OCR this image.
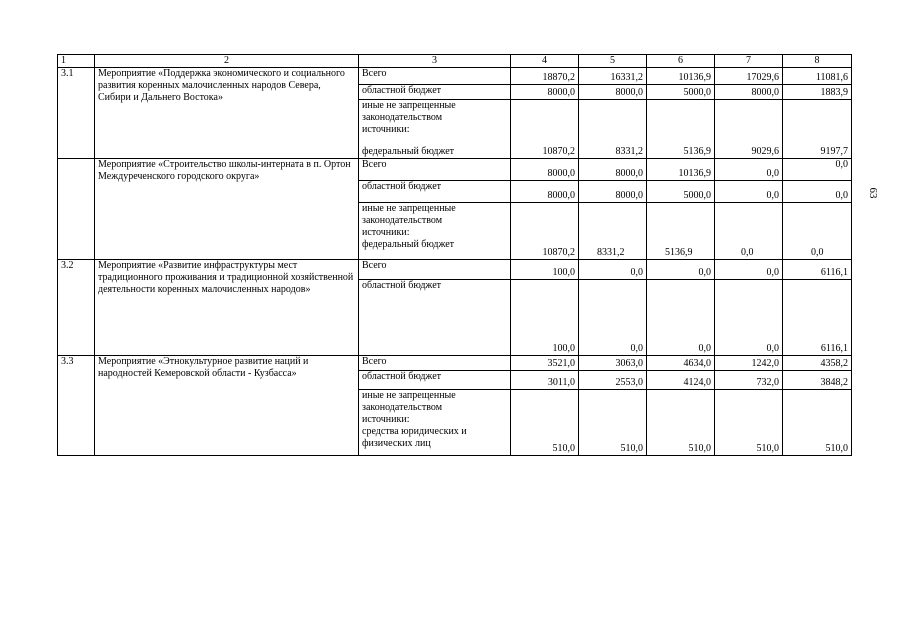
63
1	2	3	4	5	6	7	8
3.1	Мероприятие «Поддержка экономического и социального развития коренных малочисленных народов Севера, Сибири и Дальнего Востока»	Всего	18870,2	16331,2	10136,9	17029,6	11081,6
		областной бюджет	8000,0	8000,0	5000,0	8000,0	1883,9

		иные не запрещенные
законодательством
источники:
федеральный бюджет	10870,2	8331,2	5136,9	9029,6	9197,7
	Мероприятие «Строительство школы-интерната в п. Ортон Междуреченского городского округа»	Всего	8000,0	8000,0	10136,9	0,0	0,0
		областной бюджет	8000,0	8000,0	5000,0	0,0	0,0

		иные не запрещенные
законодательством
источники:
федеральный бюджет	10870,2	8331,2	5136,9	0,0	0,0
3.2	Мероприятие «Развитие инфраструктуры мест традиционного проживания и традиционной хозяйственной деятельности коренных малочисленных народов»	Всего	100,0	0,0	0,0	0,0	6116,1
		областной бюджет	100,0	0,0	0,0	0,0	6116,1
3.3	Мероприятие «Этнокультурное развитие наций и народностей Кемеровской области - Кузбасса»	Всего	3521,0	3063,0	4634,0	1242,0	4358,2
		областной бюджет	3011,0	2553,0	4124,0	732,0	3848,2

		иные не запрещенные
законодательством
источники:
средства юридических и
физических лиц	510,0	510,0	510,0	510,0	510,0
